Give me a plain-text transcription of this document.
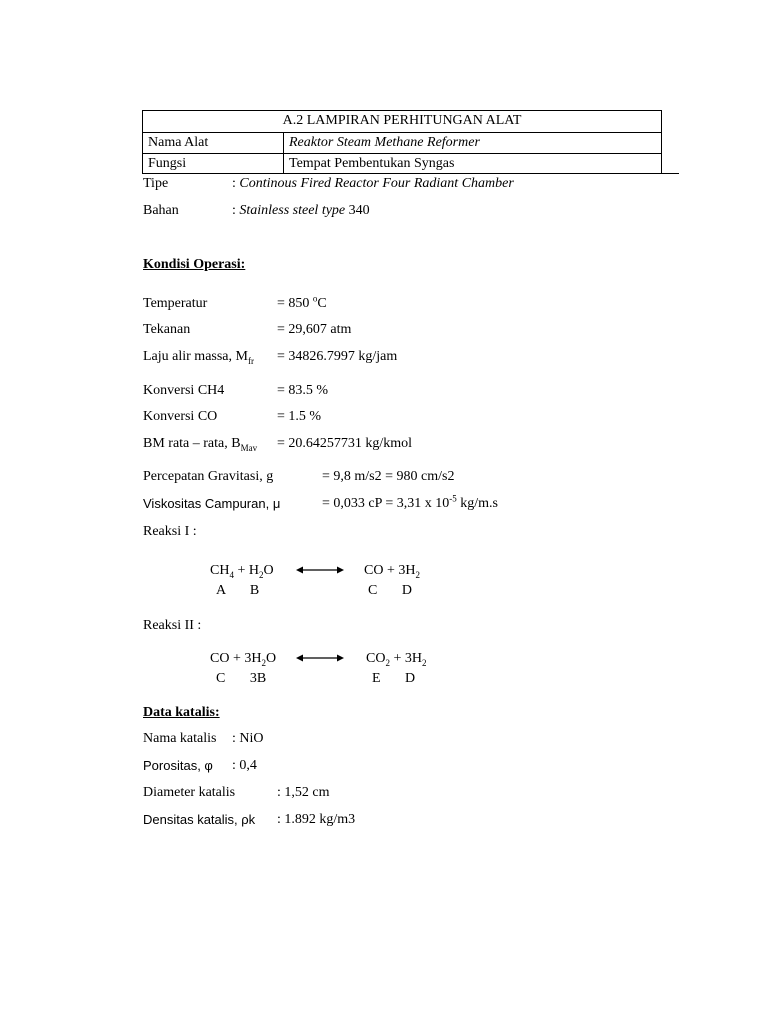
A.2 LAMPIRAN PERHITUNGAN ALAT
Nama Alat	Reaktor Steam Methane Reformer
Fungsi	Tempat Pembentukan Syngas
Tipe	: Continous Fired Reactor Four Radiant Chamber
Bahan	: Stainless steel type 340
Kondisi Operasi:
Temperatur	= 850 $^o$C
Tekanan	= 29,607 atm
Laju alir massa, $M_{fr} = 34826.7997$ kg/jam
Konversi CH4	= 83.5 %
Konversi CO	= 1.5 %
BM rata – rata, $B_{Mav} = 20.64257731$ kg/kmol
Percepatan Gravitasi, g	= 9,8 m/s2 = 980 cm/s2
Viskositas Campuran, μ	= 0,033 cP = 3,31 x $10^{-5}$ kg/m.s
Reaksi I :
$CH_4 + H_2O$	CO + $3H_2$
A       B	C       D
Reaksi II :
CO + $3H_2O$	$CO_2 + 3H_2$
C       3B	E       D
Data katalis:
Nama katalis : NiO
Porositas, φ : 0,4
Diameter katalis	: 1,52 cm
Densitas katalis, ρk : 1.892 kg/m3
